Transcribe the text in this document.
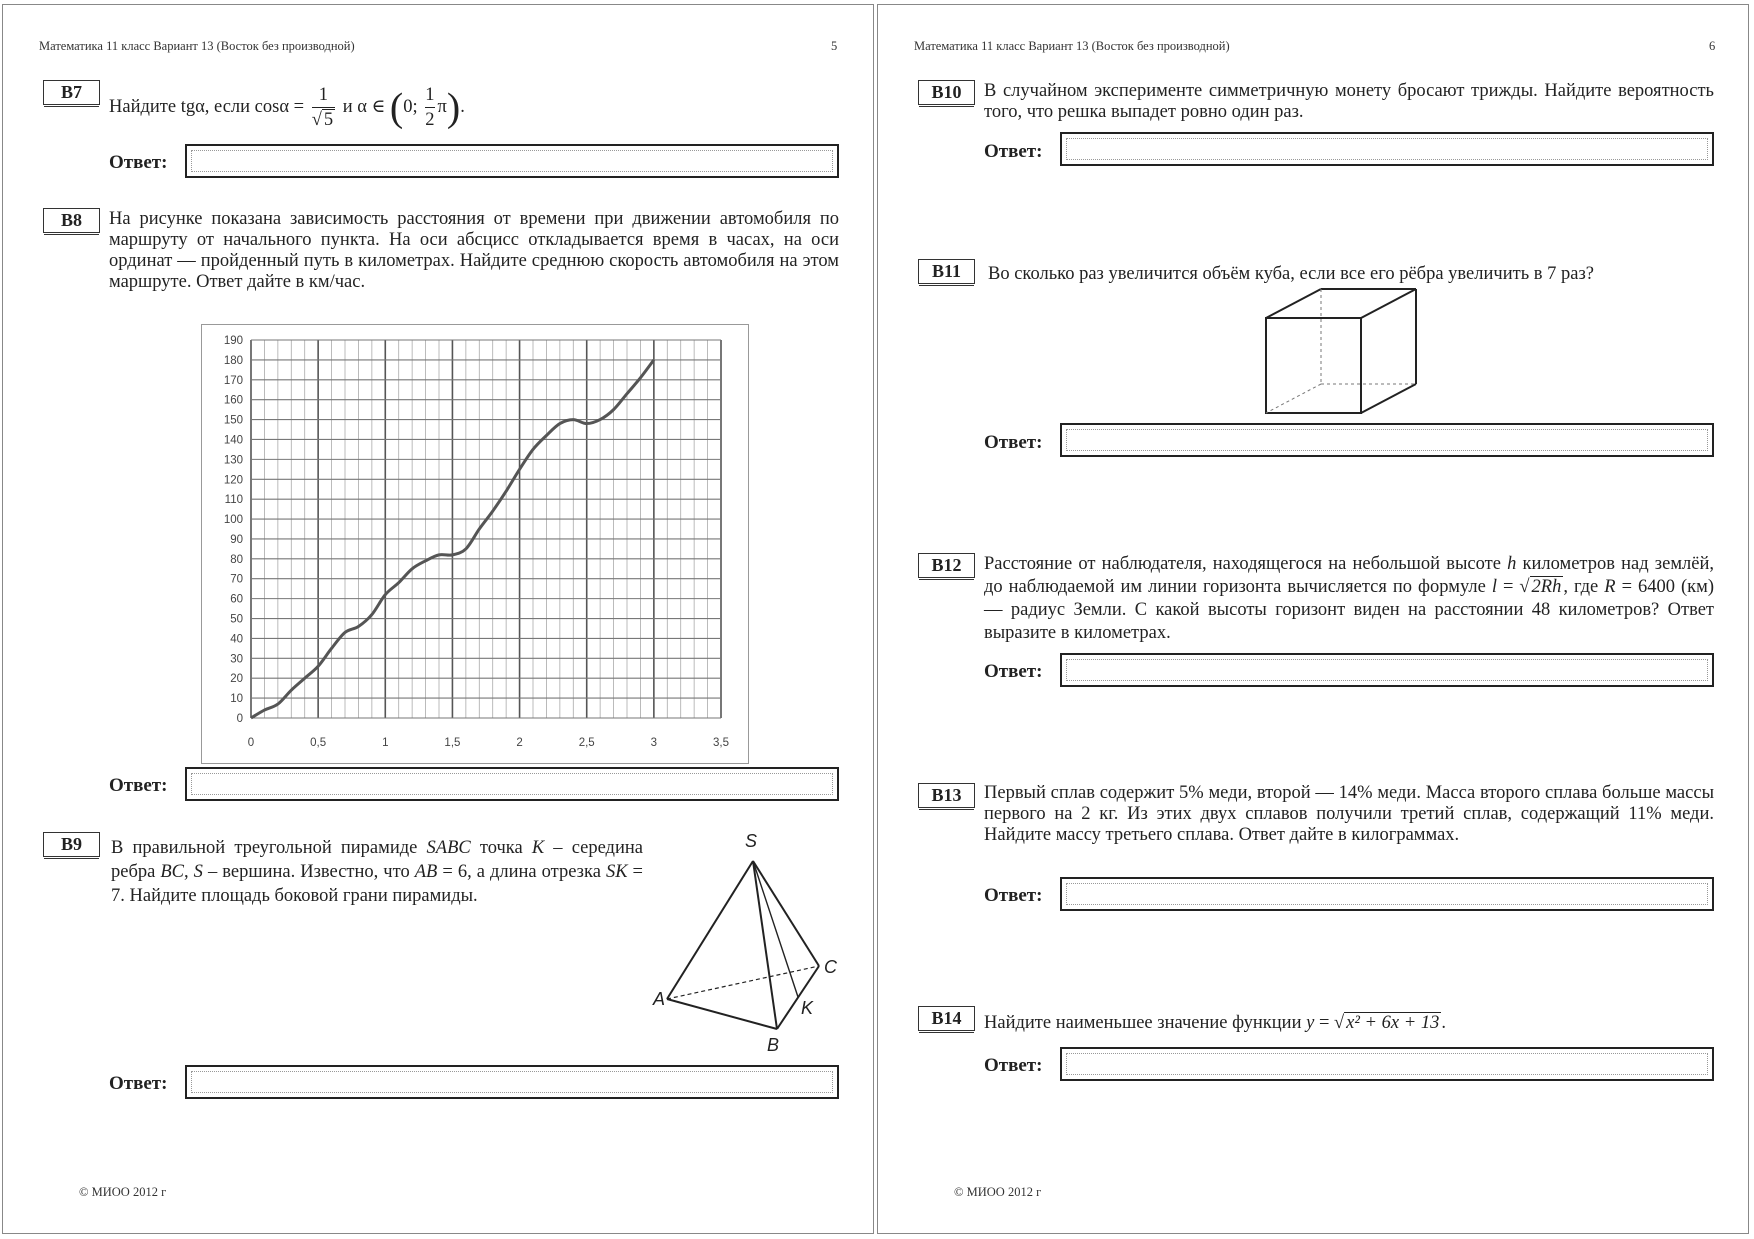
Математика 11 класс Вариант 13 (Восток без производной)	5
B7
Найдите tgα, если $\cos\alpha = \frac{1}{√ 5}$ и α ∈ (0; $\frac{1}{2} \pi$).
Ответ:
B8	На рисунке показана зависимость расстояния от времени при движении автомобиля по маршруту от начального пункта. На оси абсцисс откладывается время в часах, на оси ординат — пройденный путь в километрах. Найдите среднюю скорость автомобиля на этом маршруте. Ответ дайте в км/час.
0
10
20
30
40
50
60
70
80
90
100
110
120
130
140
150
160
170
180
190
0	0,5	1	1,5	2	2,5	3	3,5
Ответ:
B9	В правильной треугольной пирамиде SABC точка K – середина ребра BC, S – вершина. Известно, что AB = 6, а длина отрезка SK = 7. Найдите площадь боковой грани пирамиды.
S
A
B
C
K
Ответ:
© МИОО 2012 г
Математика 11 класс Вариант 13 (Восток без производной)	6
B10	В случайном эксперименте симметричную монету бросают трижды. Найдите вероятность того, что решка выпадет ровно один раз.
Ответ:
B11	Во сколько раз увеличится объём куба, если все его рёбра увеличить в 7 раз?
Ответ:
B12	Расстояние от наблюдателя, находящегося на небольшой высоте h километров над землёй, до наблюдаемой им линии горизонта вычисляется по формуле l = √ 2Rh , где R = 6400 (км) — радиус Земли. С какой высоты горизонт виден на расстоянии 48 километров? Ответ выразите в километрах.
Ответ:
B13	Первый сплав содержит 5% меди, второй — 14% меди. Масса второго сплава больше массы первого на 2 кг. Из этих двух сплавов получили третий сплав, содержащий 11% меди. Найдите массу третьего сплава. Ответ дайте в килограммах.
Ответ:
B14	Найдите наименьшее значение функции y = √ x² + 6x + 13 .
Ответ:
© МИОО 2012 г
